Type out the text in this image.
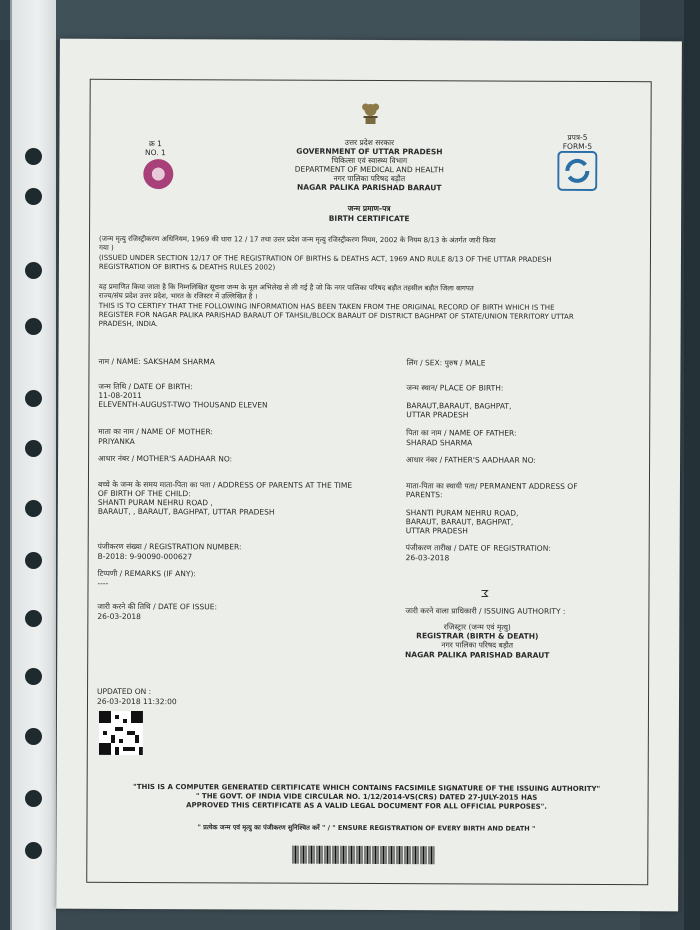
क्र 1
NO. 1
प्रपत्र-5
FORM-5
उत्तर प्रदेश सरकार
GOVERNMENT OF UTTAR PRADESH
चिकित्सा एवं स्वास्थ्य विभाग
DEPARTMENT OF MEDICAL AND HEALTH
नगर पालिका परिषद बड़ौत
NAGAR PALIKA PARISHAD BARAUT
जन्म प्रमाण-पत्र
BIRTH CERTIFICATE
(जन्म मृत्यु रजिस्ट्रीकरण अधिनियम, 1969 की धारा 12 / 17 तथा उत्तर प्रदेश जन्म मृत्यु रजिस्ट्रीकरण नियम, 2002 के नियम 8/13 के अंतर्गत जारी किया
गया )
(ISSUED UNDER SECTION 12/17 OF THE REGISTRATION OF BIRTHS & DEATHS ACT, 1969 AND RULE 8/13 OF THE UTTAR PRADESH
REGISTRATION OF BIRTHS & DEATHS RULES 2002)
यह प्रमाणित किया जाता है कि निम्नलिखित सूचना जन्म के मूल अभिलेख से ली गई है जो कि नगर पालिका परिषद बड़ौत तहसील बड़ौत जिला बागपत
राज्य/संघ प्रदेश उत्तर प्रदेश, भारत के रजिस्टर में उल्लिखित है ।
THIS IS TO CERTIFY THAT THE FOLLOWING INFORMATION HAS BEEN TAKEN FROM THE ORIGINAL RECORD OF BIRTH WHICH IS THE
REGISTER FOR NAGAR PALIKA PARISHAD BARAUT OF TAHSIL/BLOCK BARAUT OF DISTRICT BAGHPAT OF STATE/UNION TERRITORY UTTAR
PRADESH, INDIA.
नाम / NAME: SAKSHAM SHARMA
जन्म तिथि / DATE OF BIRTH:
11-08-2011
ELEVENTH-AUGUST-TWO THOUSAND ELEVEN
माता का नाम / NAME OF MOTHER:
PRIYANKA
आधार नंबर / MOTHER'S AADHAAR NO:
बच्चे के जन्म के समय माता-पिता का पता / ADDRESS OF PARENTS AT THE TIME
OF BIRTH OF THE CHILD:
SHANTI PURAM NEHRU ROAD ,
BARAUT, , BARAUT, BAGHPAT, UTTAR PRADESH
पंजीकरण संख्या / REGISTRATION NUMBER:
B-2018: 9-90090-000627
टिप्पणी / REMARKS (IF ANY):
----
जारी करने की तिथि / DATE OF ISSUE:
26-03-2018
लिंग / SEX: पुरुष / MALE
जन्म स्थान/ PLACE OF BIRTH:
BARAUT,BARAUT, BAGHPAT,
UTTAR PRADESH
पिता का नाम / NAME OF FATHER:
SHARAD SHARMA
आधार नंबर / FATHER'S AADHAAR NO:
माता-पिता का स्थायी पता/ PERMANENT ADDRESS OF
PARENTS:
SHANTI PURAM NEHRU ROAD,
BARAUT, BARAUT, BAGHPAT,
UTTAR PRADESH
पंजीकरण तारीख / DATE OF REGISTRATION:
26-03-2018
जारी करने वाला प्राधिकारी / ISSUING AUTHORITY :
रजिस्ट्रार (जन्म एवं मृत्यु)
REGISTRAR (BIRTH & DEATH)
नगर पालिका परिषद बड़ौत
NAGAR PALIKA PARISHAD BARAUT
UPDATED ON :
26-03-2018 11:32:00
"THIS IS A COMPUTER GENERATED CERTIFICATE WHICH CONTAINS FACSIMILE SIGNATURE OF THE ISSUING AUTHORITY"
" THE GOVT. OF INDIA VIDE CIRCULAR NO. 1/12/2014-VS(CRS) DATED 27-JULY-2015 HAS
APPROVED THIS CERTIFICATE AS A VALID LEGAL DOCUMENT FOR ALL OFFICIAL PURPOSES".
" प्रत्येक जन्म एवं मृत्यु का पंजीकरण सुनिश्चित करें " / " ENSURE REGISTRATION OF EVERY BIRTH AND DEATH "
